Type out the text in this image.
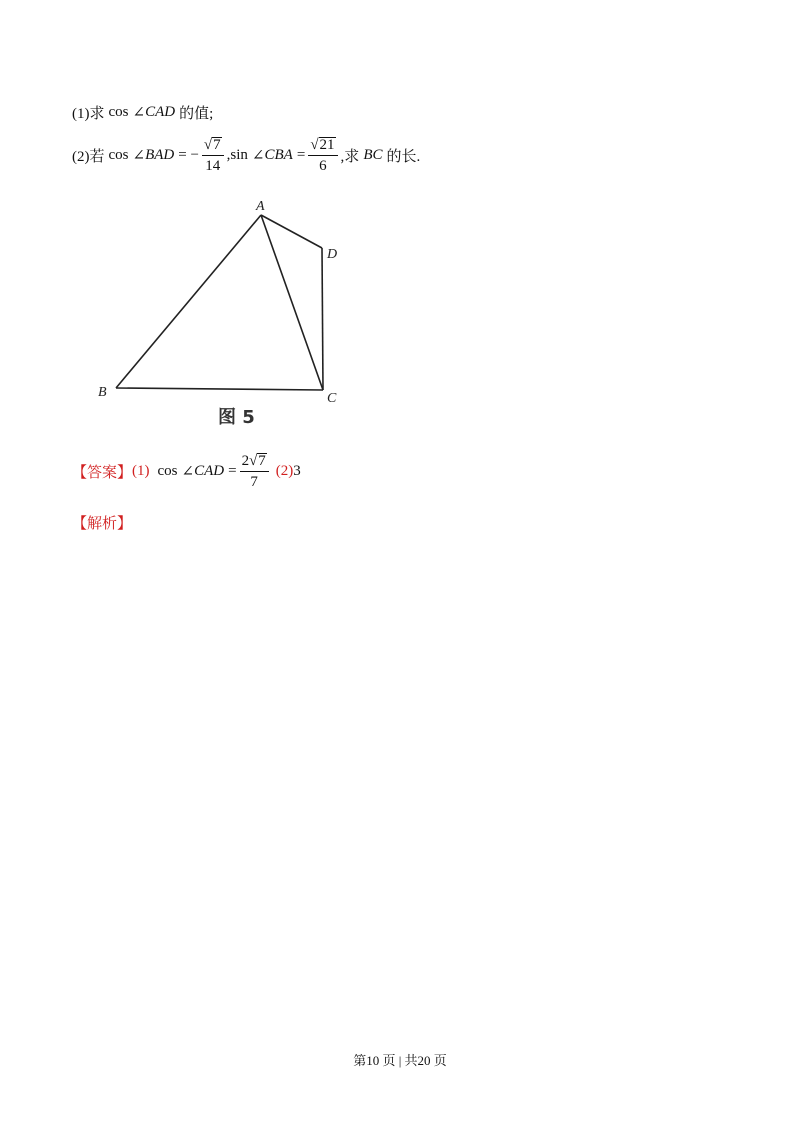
(1)求 cos ∠ CAD 的值;
(2)若 cos ∠ BAD = − $\frac{√ 7}{14}$ , sin ∠ CBA = $\frac{√ 21}{6}$ ,求 BC 的长.
A
B	C
D
图 5
【答案】 (1) cos ∠ CAD = $\frac{2 √ 7}{7} (2)$ 3
【解析】
第10 页 | 共20 页
